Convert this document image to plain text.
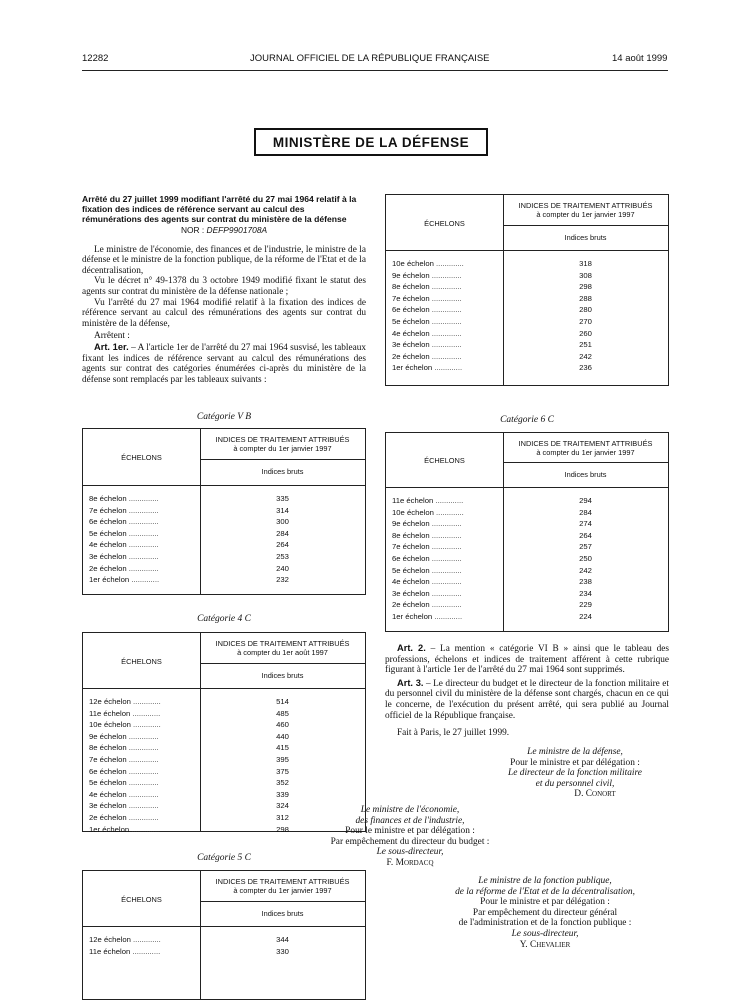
12282	JOURNAL OFFICIEL DE LA RÉPUBLIQUE FRANÇAISE	14 août 1999
MINISTÈRE DE LA DÉFENSE

Arrêté du 27 juillet 1999 modifiant l'arrêté du 27 mai 1964 relatif à la fixation des indices de référence servant au calcul des rémunérations des agents sur contrat du ministère de la défense

NOR : DEFP9901708A

Le ministre de l'économie, des finances et de l'industrie, le ministre de la défense et le ministre de la fonction publique, de la réforme de l'Etat et de la décentralisation,

Vu le décret n° 49-1378 du 3 octobre 1949 modifié fixant le statut des agents sur contrat du ministère de la défense nationale ;

Vu l'arrêté du 27 mai 1964 modifié relatif à la fixation des indices de référence servant au calcul des rémunérations des agents sur contrat du ministère de la défense,

Arrêtent :

Art. 1er. – A l'article 1er de l'arrêté du 27 mai 1964 susvisé, les tableaux fixant les indices de référence servant au calcul des rémunérations des agents sur contrat des catégories énumérées ci-après du ministère de la défense sont remplacés par les tableaux suivants :

ÉCHELONS
INDICES DE TRAITEMENT ATTRIBUÉS
à compter du 1er janvier 1997
Indices bruts
10e échelon .............	318
9e échelon ..............	308
8e échelon ..............	298
7e échelon ..............	288
6e échelon ..............	280
5e échelon ..............	270
4e échelon ..............	260
3e échelon ..............	251
2e échelon ..............	242
1er échelon .............	236
Catégorie V B
ÉCHELONS
INDICES DE TRAITEMENT ATTRIBUÉS
à compter du 1er janvier 1997
Indices bruts
8e échelon ..............	335
7e échelon ..............	314
6e échelon ..............	300
5e échelon ..............	284
4e échelon ..............	264
3e échelon ..............	253
2e échelon ..............	240
1er échelon .............	232
Catégorie 6 C
ÉCHELONS
INDICES DE TRAITEMENT ATTRIBUÉS
à compter du 1er janvier 1997
Indices bruts
11e échelon .............	294
10e échelon .............	284
9e échelon ..............	274
8e échelon ..............	264
7e échelon ..............	257
6e échelon ..............	250
5e échelon ..............	242
4e échelon ..............	238
3e échelon ..............	234
2e échelon ..............	229
1er échelon .............	224
Catégorie 4 C
ÉCHELONS
INDICES DE TRAITEMENT ATTRIBUÉS
à compter du 1er août 1997
Indices bruts
12e échelon .............	514
11e échelon .............	485
10e échelon .............	460
9e échelon ..............	440
8e échelon ..............	415
7e échelon ..............	395
6e échelon ..............	375
5e échelon ..............	352
4e échelon ..............	339
3e échelon ..............	324
2e échelon ..............	312
1er échelon .............	298
Catégorie 5 C
ÉCHELONS
INDICES DE TRAITEMENT ATTRIBUÉS
à compter du 1er janvier 1997
Indices bruts
12e échelon .............	344
11e échelon .............	330

Art. 2. – La mention « catégorie VI B » ainsi que le tableau des professions, échelons et indices de traitement afférent à cette rubrique figurant à l'article 1er de l'arrêté du 27 mai 1964 sont supprimés.

Art. 3. – Le directeur du budget et le directeur de la fonction militaire et du personnel civil du ministère de la défense sont chargés, chacun en ce qui le concerne, de l'exécution du présent arrêté, qui sera publié au Journal officiel de la République française.

Fait à Paris, le 27 juillet 1999.

Le ministre de la défense,
Pour le ministre et par délégation :
Le directeur de la fonction militaire
et du personnel civil,
D. Conort
Le ministre de l'économie,
des finances et de l'industrie,
Pour le ministre et par délégation :
Par empêchement du directeur du budget :
Le sous-directeur,
F. Mordacq
Le ministre de la fonction publique,
de la réforme de l'Etat et de la décentralisation,
Pour le ministre et par délégation :
Par empêchement du directeur général
de l'administration et de la fonction publique :
Le sous-directeur,
Y. Chevalier
